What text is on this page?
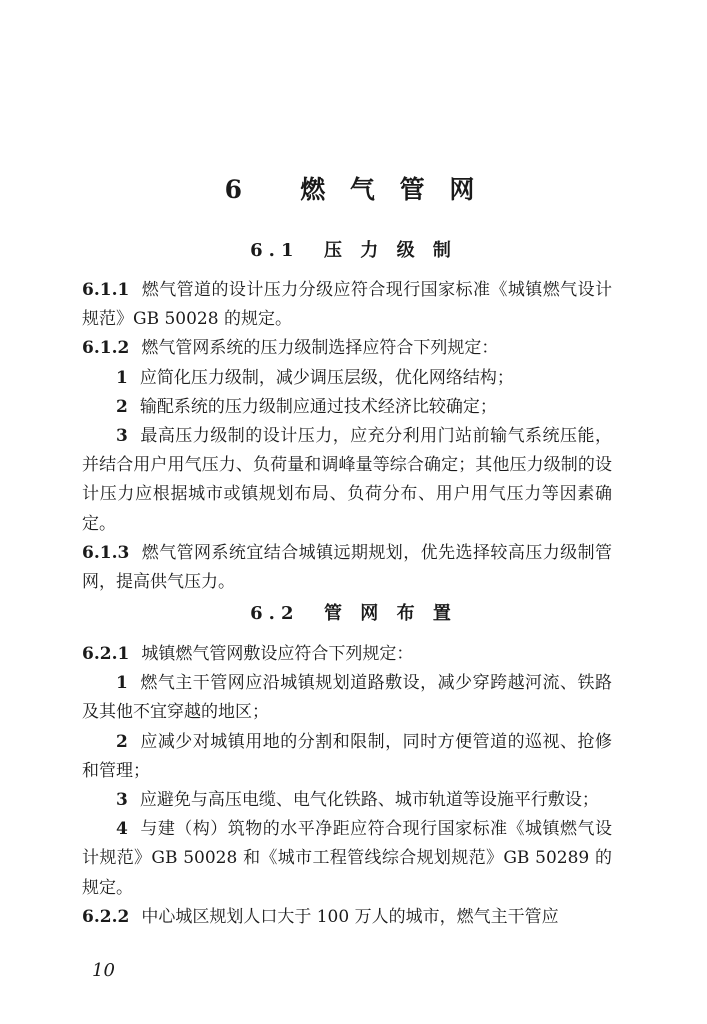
6 燃 气 管 网
6.1 压 力 级 制

6.1.1 燃气管道的设计压力分级应符合现行国家标准《城镇燃气设计规范》GB 50028 的规定。

6.1.2 燃气管网系统的压力级制选择应符合下列规定：

1 应简化压力级制，减少调压层级，优化网络结构；

2 输配系统的压力级制应通过技术经济比较确定；

3 最高压力级制的设计压力，应充分利用门站前输气系统压能，并结合用户用气压力、负荷量和调峰量等综合确定；其他压力级制的设计压力应根据城市或镇规划布局、负荷分布、用户用气压力等因素确定。

6.1.3 燃气管网系统宜结合城镇远期规划，优先选择较高压力级制管网，提高供气压力。

6.2 管 网 布 置

6.2.1 城镇燃气管网敷设应符合下列规定：

1 燃气主干管网应沿城镇规划道路敷设，减少穿跨越河流、铁路及其他不宜穿越的地区；

2 应减少对城镇用地的分割和限制，同时方便管道的巡视、抢修和管理；

3 应避免与高压电缆、电气化铁路、城市轨道等设施平行敷设；

4 与建（构）筑物的水平净距应符合现行国家标准《城镇燃气设计规范》GB 50028 和《城市工程管线综合规划规范》GB 50289 的规定。

6.2.2 中心城区规划人口大于 100 万人的城市，燃气主干管应

10
